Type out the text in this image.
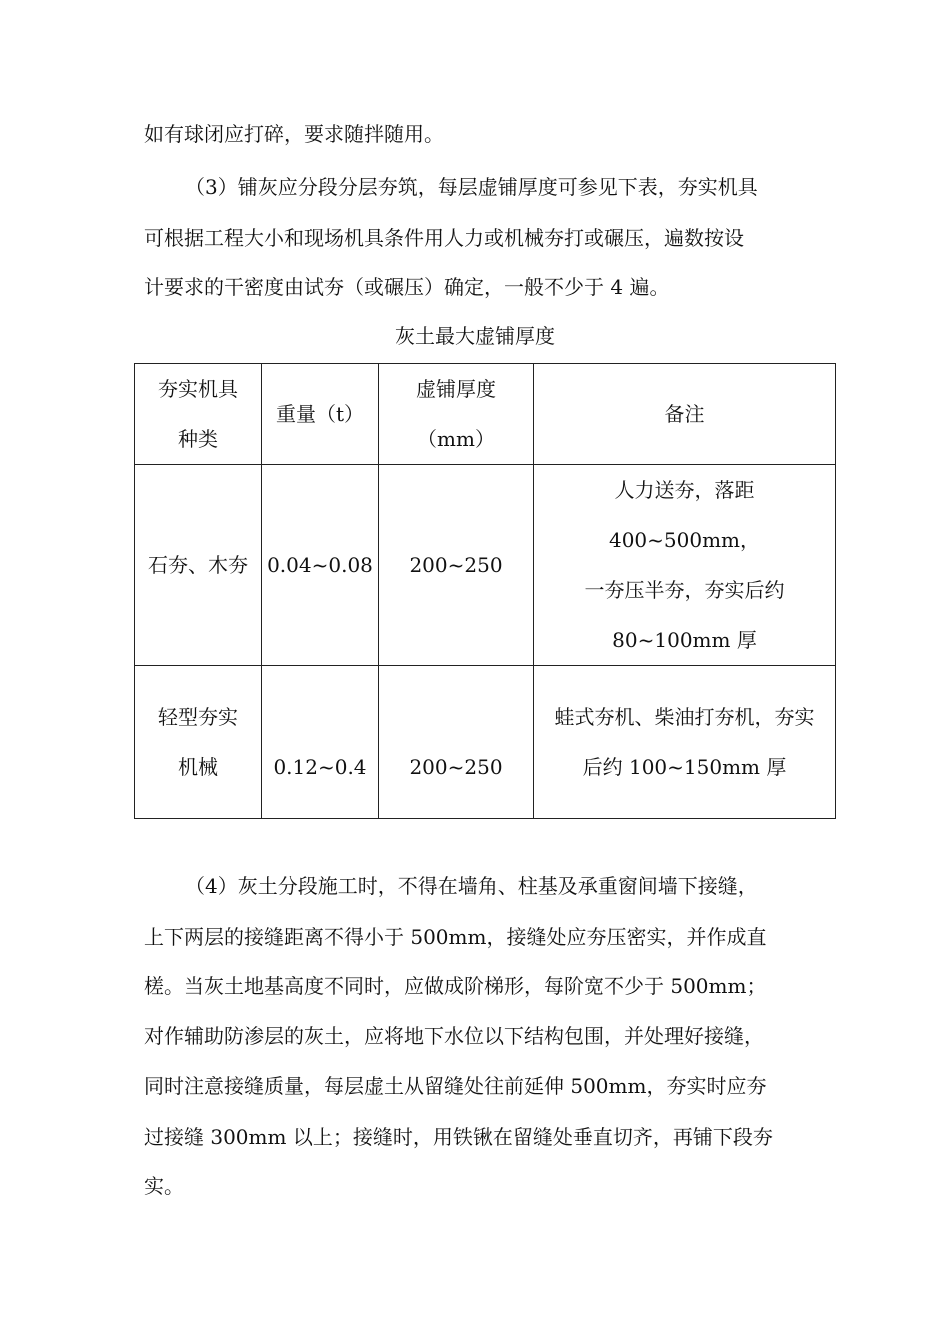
如有球闭应打碎，要求随拌随用。

（3）铺灰应分段分层夯筑，每层虚铺厚度可参见下表，夯实机具

可根据工程大小和现场机具条件用人力或机械夯打或碾压，遍数按设

计要求的干密度由试夯（或碾压）确定，一般不少于 4 遍。

灰土最大虚铺厚度

夯实机具
种类	重量（t）	虚铺厚度（mm）	备注

石夯、木夯	0.04~0.08	200~250	人力送夯，落距 400~500mm，
一夯压半夯，夯实后约
80~100mm 厚

轻型夯实
机械	0.12~0.4	200~250	蛙式夯机、柴油打夯机，夯实
后约 100~150mm 厚

（4）灰土分段施工时，不得在墙角、柱基及承重窗间墙下接缝，

上下两层的接缝距离不得小于 500mm，接缝处应夯压密实，并作成直

槎。当灰土地基高度不同时，应做成阶梯形，每阶宽不少于 500mm；

对作辅助防渗层的灰土，应将地下水位以下结构包围，并处理好接缝，

同时注意接缝质量，每层虚土从留缝处往前延伸 500mm，夯实时应夯

过接缝 300mm 以上；接缝时，用铁锹在留缝处垂直切齐，再铺下段夯

实。
